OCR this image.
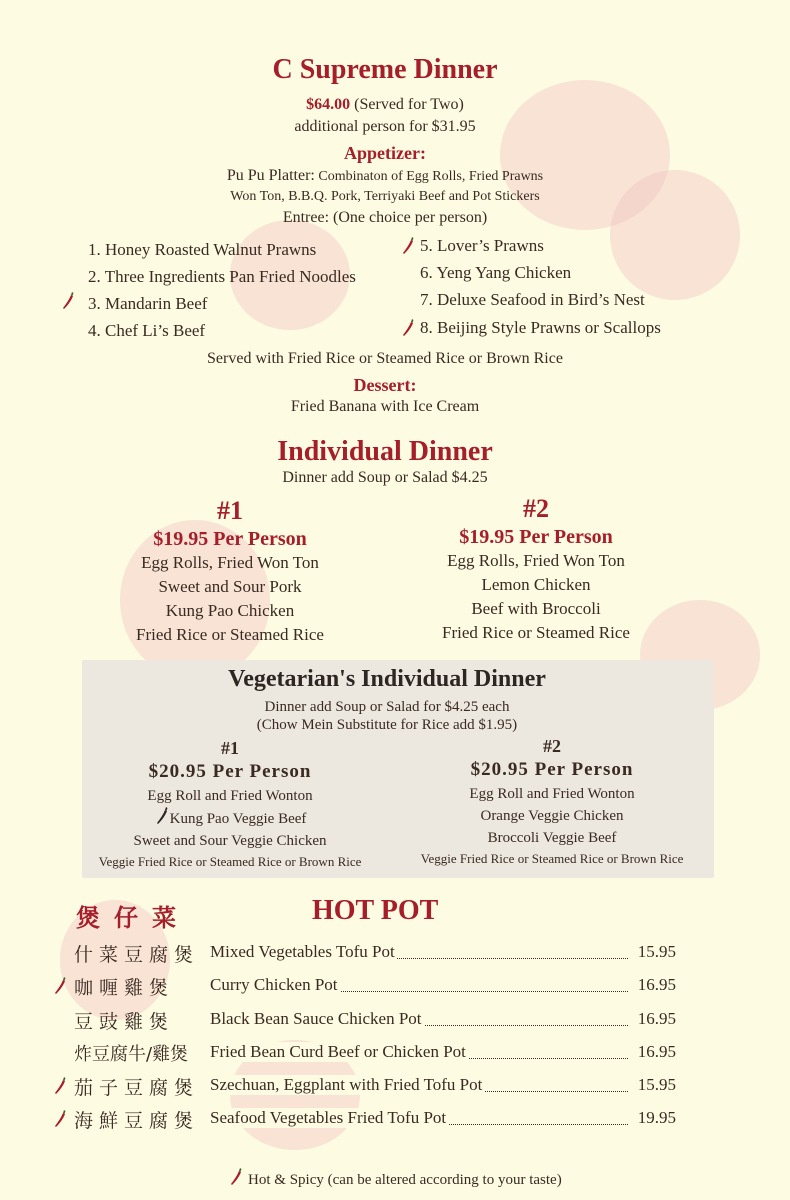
C Supreme Dinner
$64.00 (Served for Two)
additional person for $31.95
Appetizer:
Pu Pu Platter: Combinaton of Egg Rolls, Fried Prawns
Won Ton, B.B.Q. Pork, Terriyaki Beef and Pot Stickers
Entree: (One choice per person)
1. Honey Roasted Walnut Prawns
2. Three Ingredients Pan Fried Noodles
3. Mandarin Beef
4. Chef Li’s Beef
5. Lover’s Prawns
6. Yeng Yang Chicken
7. Deluxe Seafood in Bird’s Nest
8. Beijing Style Prawns or Scallops
Served with Fried Rice or Steamed Rice or Brown Rice
Dessert:
Fried Banana with Ice Cream
Individual Dinner
Dinner add Soup or Salad $4.25
#1
$19.95 Per Person
Egg Rolls, Fried Won Ton
Sweet and Sour Pork
Kung Pao Chicken
Fried Rice or Steamed Rice
#2
$19.95 Per Person
Egg Rolls, Fried Won Ton
Lemon Chicken
Beef with Broccoli
Fried Rice or Steamed Rice
Vegetarian's Individual Dinner
Dinner add Soup or Salad for $4.25 each
(Chow Mein Substitute for Rice add $1.95)
#1
$20.95 Per Person
Egg Roll and Fried Wonton
Kung Pao Veggie Beef
Sweet and Sour Veggie Chicken
Veggie Fried Rice or Steamed Rice or Brown Rice
#2
$20.95 Per Person
Egg Roll and Fried Wonton
Orange Veggie Chicken
Broccoli Veggie Beef
Veggie Fried Rice or Steamed Rice or Brown Rice
煲仔菜	HOT POT
什菜豆腐煲 Mixed Vegetables Tofu Pot	15.95
咖喱雞煲	Curry Chicken Pot	16.95
豆豉雞煲	Black Bean Sauce Chicken Pot	16.95
炸豆腐牛/雞煲	Fried Bean Curd Beef or Chicken Pot	16.95
茄子豆腐煲 Szechuan, Eggplant with Fried Tofu Pot	15.95
海鮮豆腐煲 Seafood Vegetables Fried Tofu Pot	19.95
Hot & Spicy (can be altered according to your taste)
